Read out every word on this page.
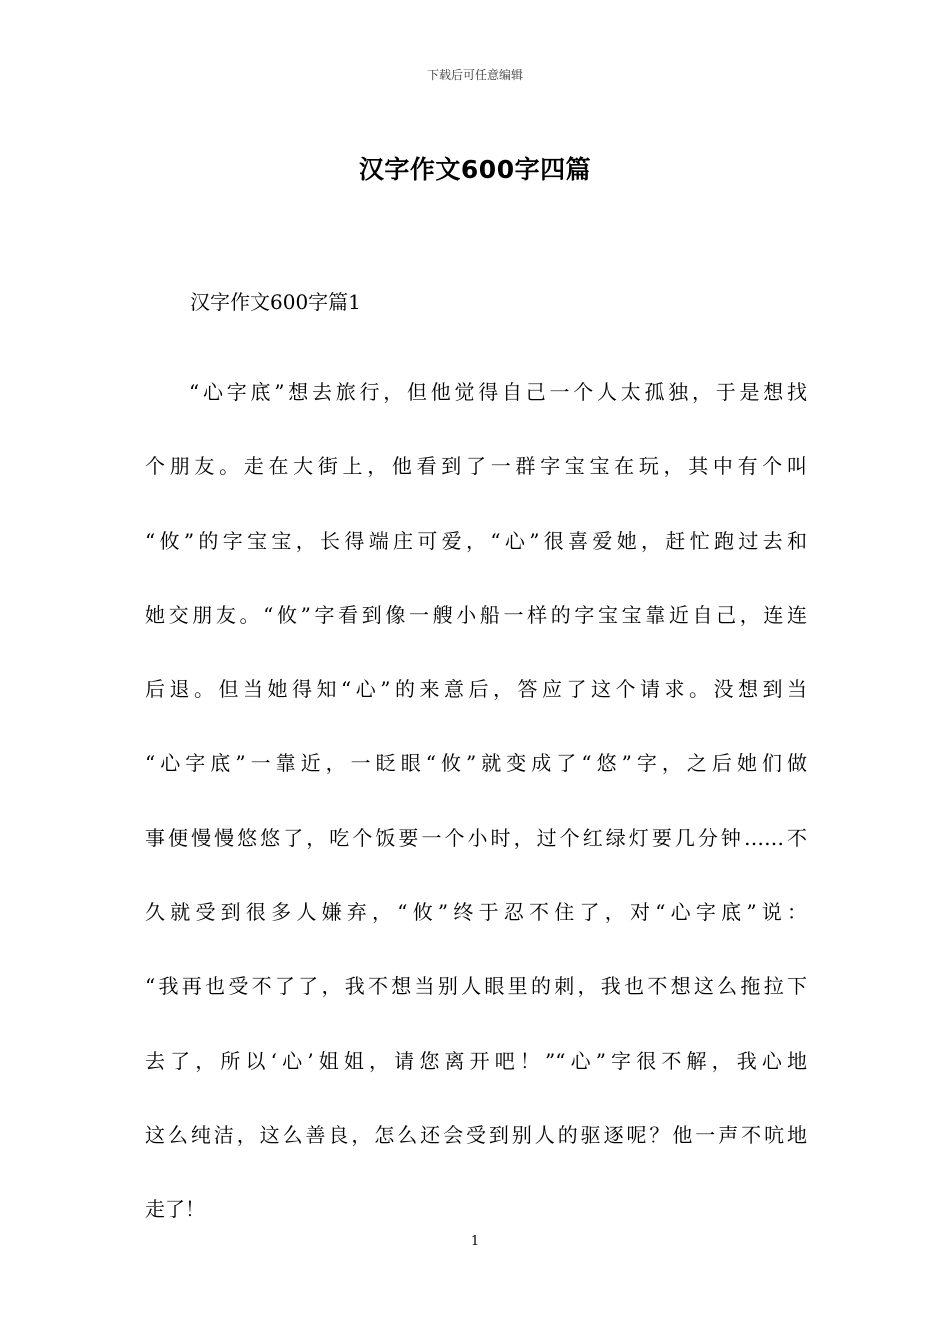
下载后可任意编辑
汉字作文600字四篇
汉字作文600字篇1
“心字底”想去旅行，但他觉得自己一个人太孤独，于是想找
个朋友。走在大街上，他看到了一群字宝宝在玩，其中有个叫
“攸”的字宝宝，长得端庄可爱，“心”很喜爱她，赶忙跑过去和
她交朋友。“攸”字看到像一艘小船一样的字宝宝靠近自己，连连
后退。但当她得知“心”的来意后，答应了这个请求。没想到当
“心字底”一靠近，一眨眼“攸”就变成了“悠”字，之后她们做
事便慢慢悠悠了，吃个饭要一个小时，过个红绿灯要几分钟……不
久就受到很多人嫌弃，“攸”终于忍不住了，对“心字底”说：
“我再也受不了了，我不想当别人眼里的刺，我也不想这么拖拉下
去了，所以‘心’姐姐，请您离开吧！”“心”字很不解，我心地
这么纯洁，这么善良，怎么还会受到别人的驱逐呢？他一声不吭地
走了！
1
